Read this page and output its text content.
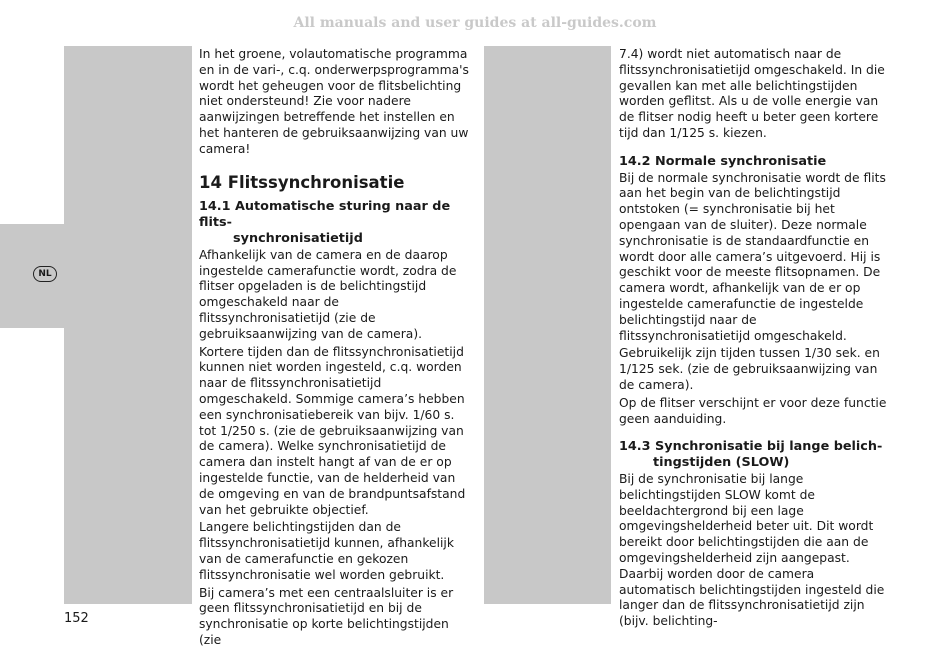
All manuals and user guides at all-guides.com
NL

In het groene, volautomatische programma en in de vari-, c.q. onderwerpsprogramma's wordt het geheugen voor de flitsbelichting niet ondersteund! Zie voor nadere aanwijzingen betreffende het instellen en het hanteren de gebruiksaanwijzing van uw camera!

14 Flitssynchronisatie

14.1 Automatische sturing naar de flits-
synchronisatietijd

Afhankelijk van de camera en de daarop ingestelde camerafunctie wordt, zodra de flitser opgeladen is de belichtingstijd omgeschakeld naar de flitssynchronisatietijd (zie de gebruiksaanwijzing van de camera).

Kortere tijden dan de flitssynchronisatietijd kunnen niet worden ingesteld, c.q. worden naar de flitssynchronisatietijd omgeschakeld. Sommige camera’s hebben een synchronisatiebereik van bijv. 1/60 s. tot 1/250 s. (zie de gebruiksaanwijzing van de camera). Welke synchronisatietijd de camera dan instelt hangt af van de er op ingestelde functie, van de helderheid van de omgeving en van de brandpuntsafstand van het gebruikte objectief.

Langere belichtingstijden dan de flitssynchronisatietijd kunnen, afhankelijk van de camerafunctie en gekozen flitssynchronisatie wel worden gebruikt.

Bij camera’s met een centraalsluiter is er geen flitssynchronisatietijd en bij de synchronisatie op korte belichtingstijden (zie

7.4) wordt niet automatisch naar de flitssynchronisatietijd omgeschakeld. In die gevallen kan met alle belichtingstijden worden geflitst. Als u de volle energie van de flitser nodig heeft u beter geen kortere tijd dan 1/125 s. kiezen.

14.2 Normale synchronisatie

Bij de normale synchronisatie wordt de flits aan het begin van de belichtingstijd ontstoken (= synchronisatie bij het opengaan van de sluiter). Deze normale synchronisatie is de standaardfunctie en wordt door alle camera’s uitgevoerd. Hij is geschikt voor de meeste flitsopnamen. De camera wordt, afhankelijk van de er op ingestelde camerafunctie de ingestelde belichtingstijd naar de flitssynchronisatietijd omgeschakeld.

Gebruikelijk zijn tijden tussen 1/30 sek. en 1/125 sek. (zie de gebruiksaanwijzing van de camera).

Op de flitser verschijnt er voor deze functie geen aanduiding.

14.3 Synchronisatie bij lange belich-
tingstijden (SLOW)

Bij de synchronisatie bij lange belichtingstijden SLOW komt de beeldachtergrond bij een lage omgevingshelderheid beter uit. Dit wordt bereikt door belichtingstijden die aan de omgevingshelderheid zijn aangepast. Daarbij worden door de camera automatisch belichtingstijden ingesteld die langer dan de flitssynchronisatietijd zijn (bijv. belichting-

152
